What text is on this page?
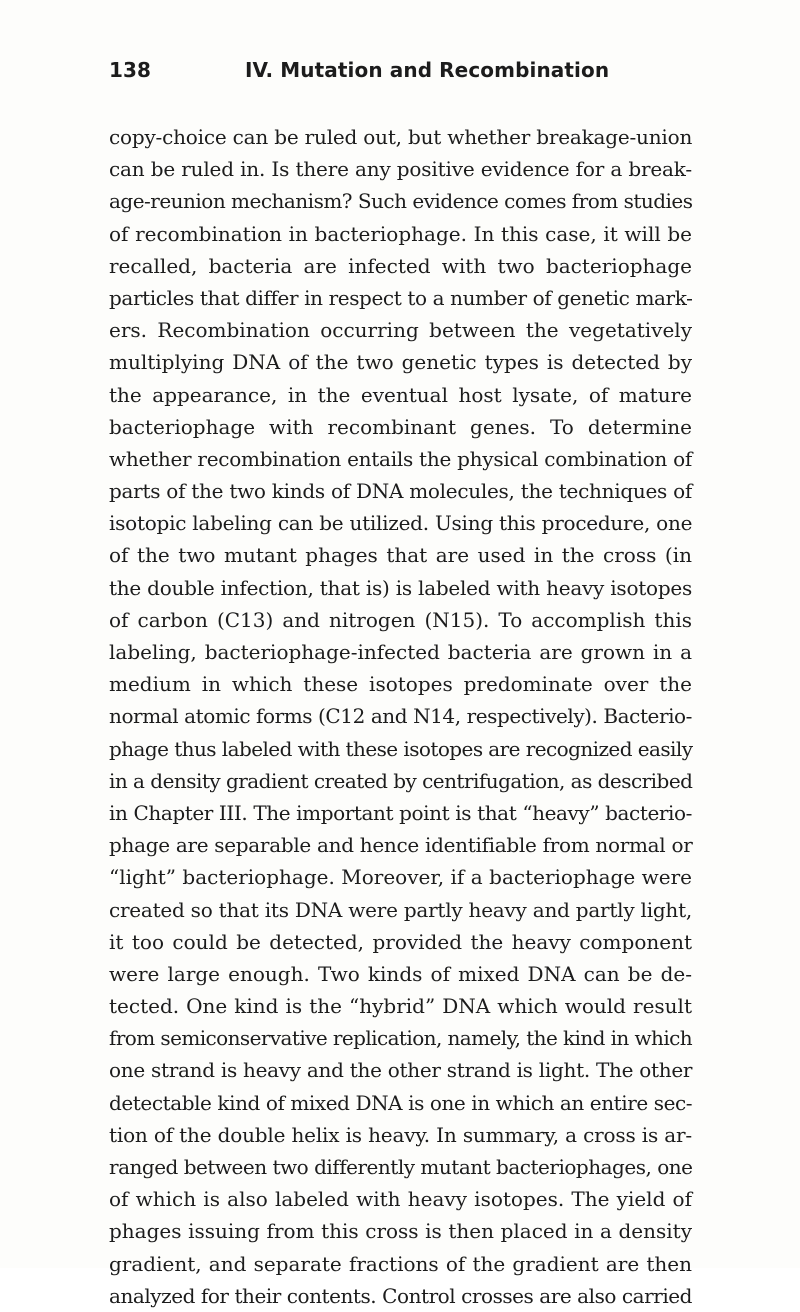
138	IV. Mutation and Recombination
copy-choice can be ruled out, but whether breakage-union
can be ruled in. Is there any positive evidence for a break-
age-reunion mechanism? Such evidence comes from studies
of recombination in bacteriophage. In this case, it will be
recalled, bacteria are infected with two bacteriophage
particles that differ in respect to a number of genetic mark-
ers. Recombination occurring between the vegetatively
multiplying DNA of the two genetic types is detected by
the appearance, in the eventual host lysate, of mature
bacteriophage with recombinant genes. To determine
whether recombination entails the physical combination of
parts of the two kinds of DNA molecules, the techniques of
isotopic labeling can be utilized. Using this procedure, one
of the two mutant phages that are used in the cross (in
the double infection, that is) is labeled with heavy isotopes
of carbon (C13) and nitrogen (N15). To accomplish this
labeling, bacteriophage-infected bacteria are grown in a
medium in which these isotopes predominate over the
normal atomic forms (C12 and N14, respectively). Bacterio-
phage thus labeled with these isotopes are recognized easily
in a density gradient created by centrifugation, as described
in Chapter III. The important point is that “heavy” bacterio-
phage are separable and hence identifiable from normal or
“light” bacteriophage. Moreover, if a bacteriophage were
created so that its DNA were partly heavy and partly light,
it too could be detected, provided the heavy component
were large enough. Two kinds of mixed DNA can be de-
tected. One kind is the “hybrid” DNA which would result
from semiconservative replication, namely, the kind in which
one strand is heavy and the other strand is light. The other
detectable kind of mixed DNA is one in which an entire sec-
tion of the double helix is heavy. In summary, a cross is ar-
ranged between two differently mutant bacteriophages, one
of which is also labeled with heavy isotopes. The yield of
phages issuing from this cross is then placed in a density
gradient, and separate fractions of the gradient are then
analyzed for their contents. Control crosses are also carried
